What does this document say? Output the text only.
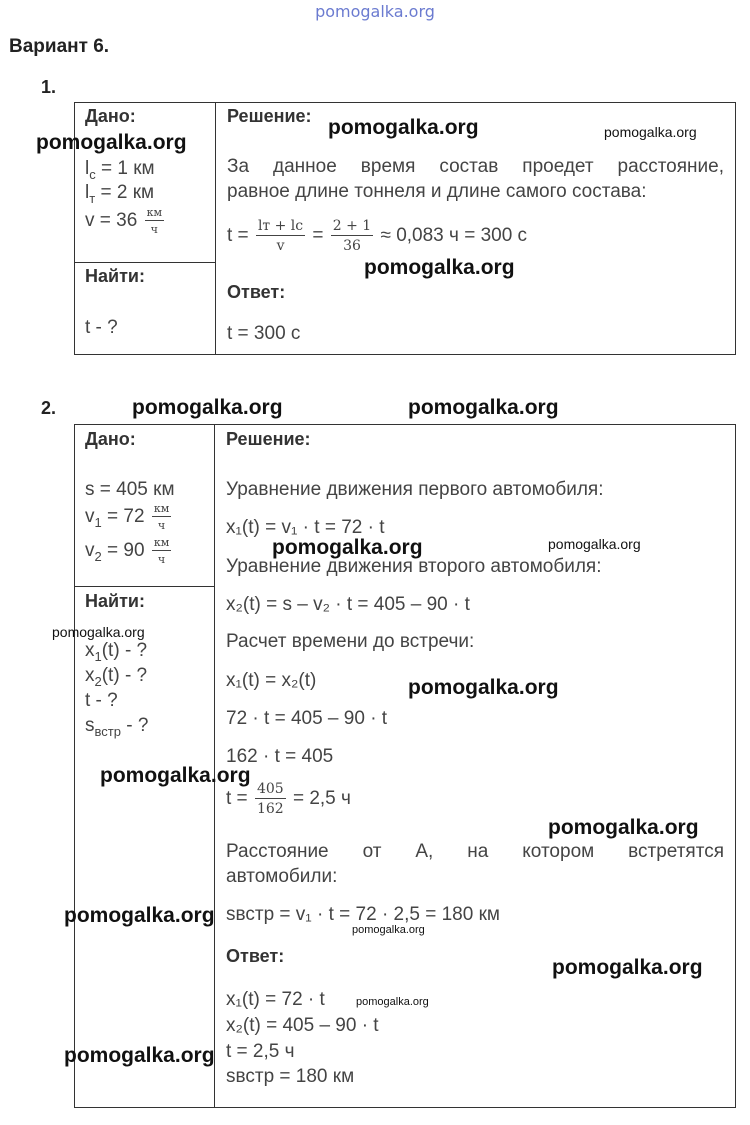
pomogalka.org
Вариант 6.
1.
Дано:
$l_с = 1$ км
$l_т = 2$ км
$v = 36 \frac{км}{ч}$
Найти:
t - ?
Решение:
За данное время состав проедет расстояние,
равное длине тоннеля и длине самого состава:
$t = \frac{lт + lс}{v} = \frac{2 + 1}{36} \approx 0,083$ ч = 300 с
Ответ:
t = 300 с
2.
Дано:
s = 405 км
$v_1 = 72 \frac{км}{ч}$
$v_2 = 90 \frac{км}{ч}$
Найти:
$x_1(t)$ - ?
$x_2(t)$ - ?
t - ?
$s_{встр}$ - ?
Решение:
Уравнение движения первого автомобиля:
x₁(t) = v₁ · t = 72 · t
Уравнение движения второго автомобиля:
x₂(t) = s – v₂ · t = 405 – 90 · t
Расчет времени до встречи:
x₁(t) = x₂(t)
72 · t = 405 – 90 · t
162 · t = 405
$t = \frac{405}{162} = 2,5$ ч
Расстояние от А, на котором встретятся
автомобили:
sвстр = v₁ · t = 72 · 2,5 = 180 км
Ответ:
x₁(t) = 72 · t
x₂(t) = 405 – 90 · t
t = 2,5 ч
sвстр = 180 км
pomogalka.org
pomogalka.org	pomogalka.org
pomogalka.org
pomogalka.org	pomogalka.org
pomogalka.org	pomogalka.org
pomogalka.org
pomogalka.org
pomogalka.org
pomogalka.org
pomogalka.org
pomogalka.org
pomogalka.org
pomogalka.org
pomogalka.org
